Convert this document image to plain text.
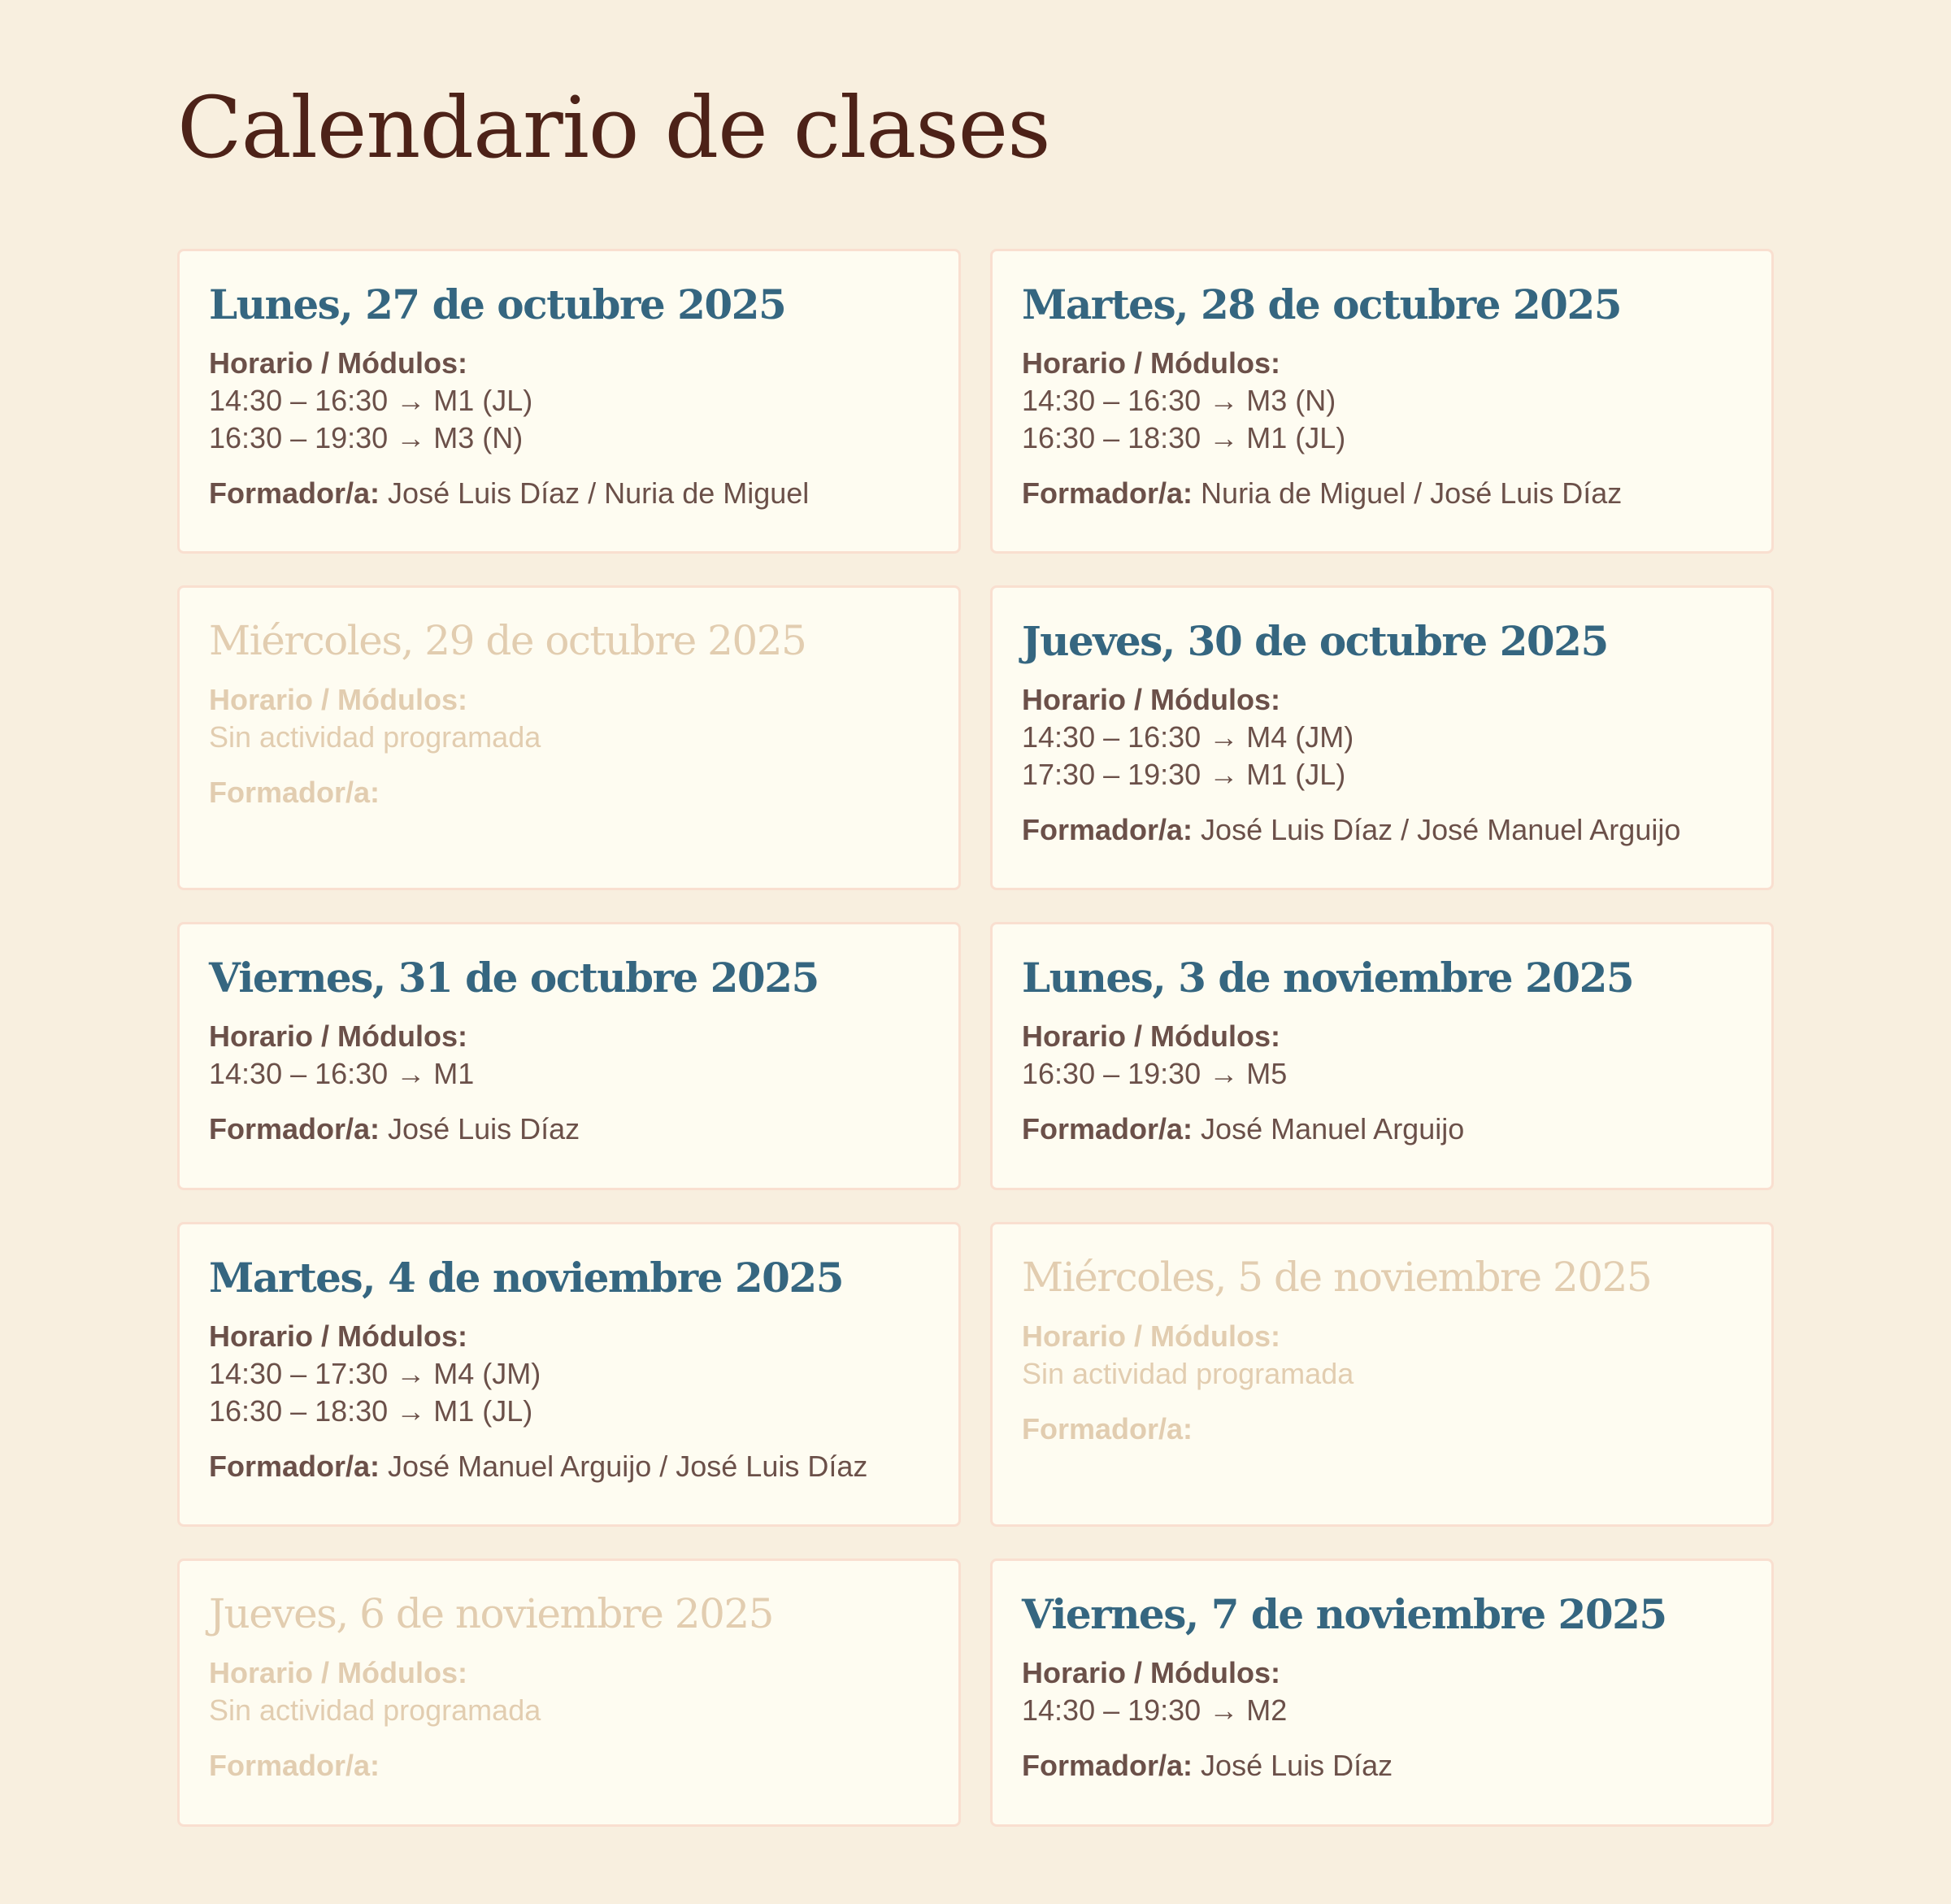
Calendario de clases
Lunes, 27 de octubre 2025
Horario / Módulos:
14:30 – 16:30 → M1 (JL)
16:30 – 19:30 → M3 (N)
Formador/a: José Luis Díaz / Nuria de Miguel
Martes, 28 de octubre 2025
Horario / Módulos:
14:30 – 16:30 → M3 (N)
16:30 – 18:30 → M1 (JL)
Formador/a: Nuria de Miguel / José Luis Díaz
Miércoles, 29 de octubre 2025
Horario / Módulos:
Sin actividad programada
Formador/a:
Jueves, 30 de octubre 2025
Horario / Módulos:
14:30 – 16:30 → M4 (JM)
17:30 – 19:30 → M1 (JL)
Formador/a: José Luis Díaz / José Manuel Arguijo
Viernes, 31 de octubre 2025
Horario / Módulos:
14:30 – 16:30 → M1
Formador/a: José Luis Díaz
Lunes, 3 de noviembre 2025
Horario / Módulos:
16:30 – 19:30 → M5
Formador/a: José Manuel Arguijo
Martes, 4 de noviembre 2025
Horario / Módulos:
14:30 – 17:30 → M4 (JM)
16:30 – 18:30 → M1 (JL)
Formador/a: José Manuel Arguijo / José Luis Díaz
Miércoles, 5 de noviembre 2025
Horario / Módulos:
Sin actividad programada
Formador/a:
Jueves, 6 de noviembre 2025
Horario / Módulos:
Sin actividad programada
Formador/a:
Viernes, 7 de noviembre 2025
Horario / Módulos:
14:30 – 19:30 → M2
Formador/a: José Luis Díaz
